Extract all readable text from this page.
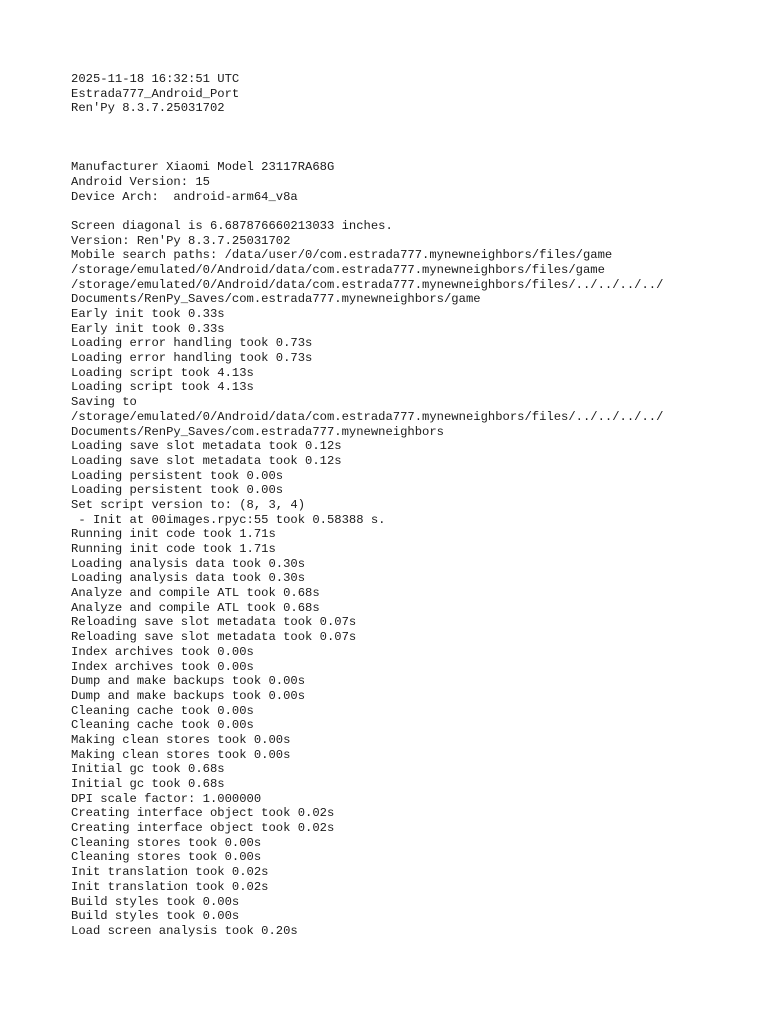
2025-11-18 16:32:51 UTC
Estrada777_Android_Port
Ren'Py 8.3.7.25031702
Manufacturer Xiaomi Model 23117RA68G
Android Version: 15
Device Arch:  android-arm64_v8a
Screen diagonal is 6.687876660213033 inches.
Version: Ren'Py 8.3.7.25031702
Mobile search paths: /data/user/0/com.estrada777.mynewneighbors/files/game
/storage/emulated/0/Android/data/com.estrada777.mynewneighbors/files/game
/storage/emulated/0/Android/data/com.estrada777.mynewneighbors/files/../../../../
Documents/RenPy_Saves/com.estrada777.mynewneighbors/game
Early init took 0.33s
Early init took 0.33s
Loading error handling took 0.73s
Loading error handling took 0.73s
Loading script took 4.13s
Loading script took 4.13s
Saving to
/storage/emulated/0/Android/data/com.estrada777.mynewneighbors/files/../../../../
Documents/RenPy_Saves/com.estrada777.mynewneighbors
Loading save slot metadata took 0.12s
Loading save slot metadata took 0.12s
Loading persistent took 0.00s
Loading persistent took 0.00s
Set script version to: (8, 3, 4)
- Init at 00images.rpyc:55 took 0.58388 s.
Running init code took 1.71s
Running init code took 1.71s
Loading analysis data took 0.30s
Loading analysis data took 0.30s
Analyze and compile ATL took 0.68s
Analyze and compile ATL took 0.68s
Reloading save slot metadata took 0.07s
Reloading save slot metadata took 0.07s
Index archives took 0.00s
Index archives took 0.00s
Dump and make backups took 0.00s
Dump and make backups took 0.00s
Cleaning cache took 0.00s
Cleaning cache took 0.00s
Making clean stores took 0.00s
Making clean stores took 0.00s
Initial gc took 0.68s
Initial gc took 0.68s
DPI scale factor: 1.000000
Creating interface object took 0.02s
Creating interface object took 0.02s
Cleaning stores took 0.00s
Cleaning stores took 0.00s
Init translation took 0.02s
Init translation took 0.02s
Build styles took 0.00s
Build styles took 0.00s
Load screen analysis took 0.20s
